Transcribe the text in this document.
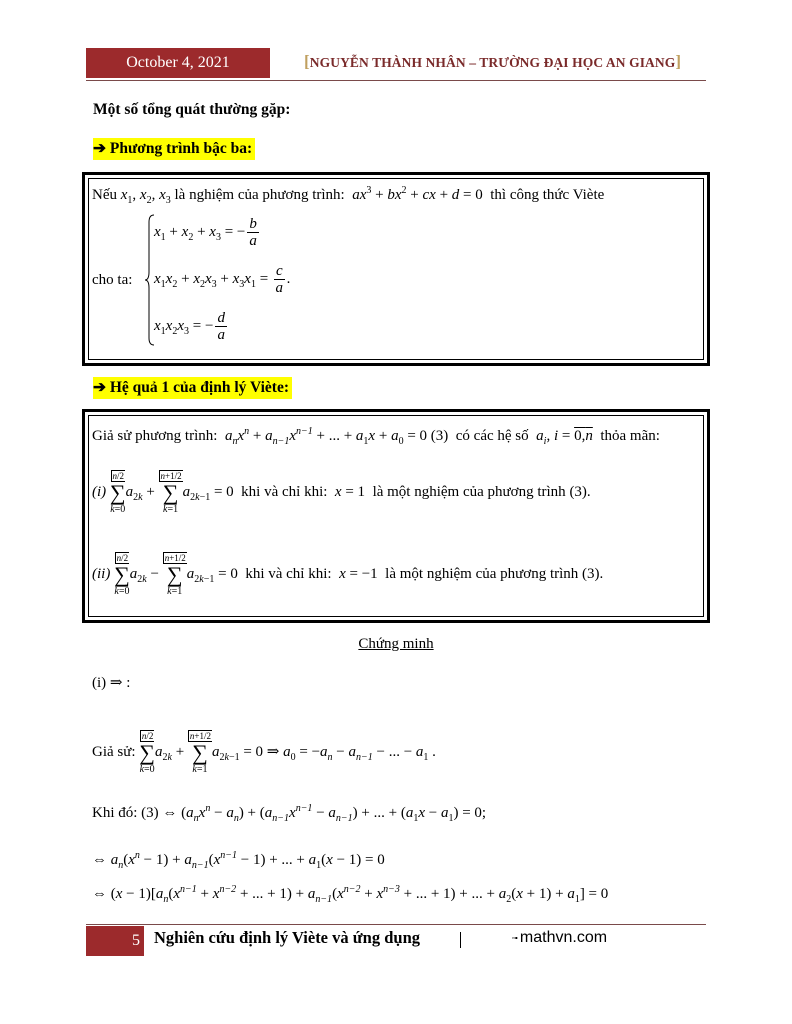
October 4, 2021	[NGUYỄN THÀNH NHÂN – TRƯỜNG ĐẠI HỌC AN GIANG]
Một số tổng quát thường gặp:
➔ Phương trình bậc ba:
Nếu $x_1$, $x_2$, $x_3$ là nghiệm của phương trình:  $ax^3 + bx^2$ + cx + d = 0  thì công thức Viète
cho ta:
$x_1 + x_2 + x_3$ = − $\frac{b}{a}$
$x_1x_2 + x_2x_3 + x_3x_1 = \frac{c}{a}$ .
$x_1x_2x_3$ = − $\frac{d}{a}$
➔ Hệ quả 1 của định lý Viète:
Giả sử phương trình:  $a_nx^n + a_{n-1}x^{n-1}$ + ... + $a_1x + a_0 = 0$ (3)  có các hệ số  $a_i$, i = 0,n thỏa mãn:
(i) n/2
∑
$k=0a_{2k} + n+1/2$
∑
$k=1a_{2k-1} = 0$  khi và chỉ khi:  x = 1  là một nghiệm của phương trình (3).
(ii) n/2
∑
$k=0a_{2k} - n+1/2$
∑
$k=1a_{2k-1} = 0$  khi và chỉ khi:  x = −1  là một nghiệm của phương trình (3).
Chứng minh
(i) ⇒ :
Giả sử: n/2
∑
$k=0a_{2k} + n+1/2$
∑
$k=1a_{2k-1} = 0$ ⇒ $a_0 = -a_n - a_{n-1}$ − ... − $a_1$ .
Khi đó: (3) ⇔ $(a_nx^n - a_n) + (a_{n-1}x^{n-1} - a_{n-1})$ + ... + $(a_1x - a_1) = 0$;
⇔ $a_n(x^n - 1) + a_{n-1}(x^{n-1} - 1)$ + ... + $a_1(x - 1) = 0$
⇔ $(x - 1)[a_n(x^{n-1} + x^{n-2}$ + ... + $1) + a_{n-1}(x^{n-2} + x^{n-3}$ + ... + 1) + ... + $a_2(x + 1) + a_1] = 0$
5 Nghiên cứu định lý Viète và ứng dụng	▫▪ mathvn.com
